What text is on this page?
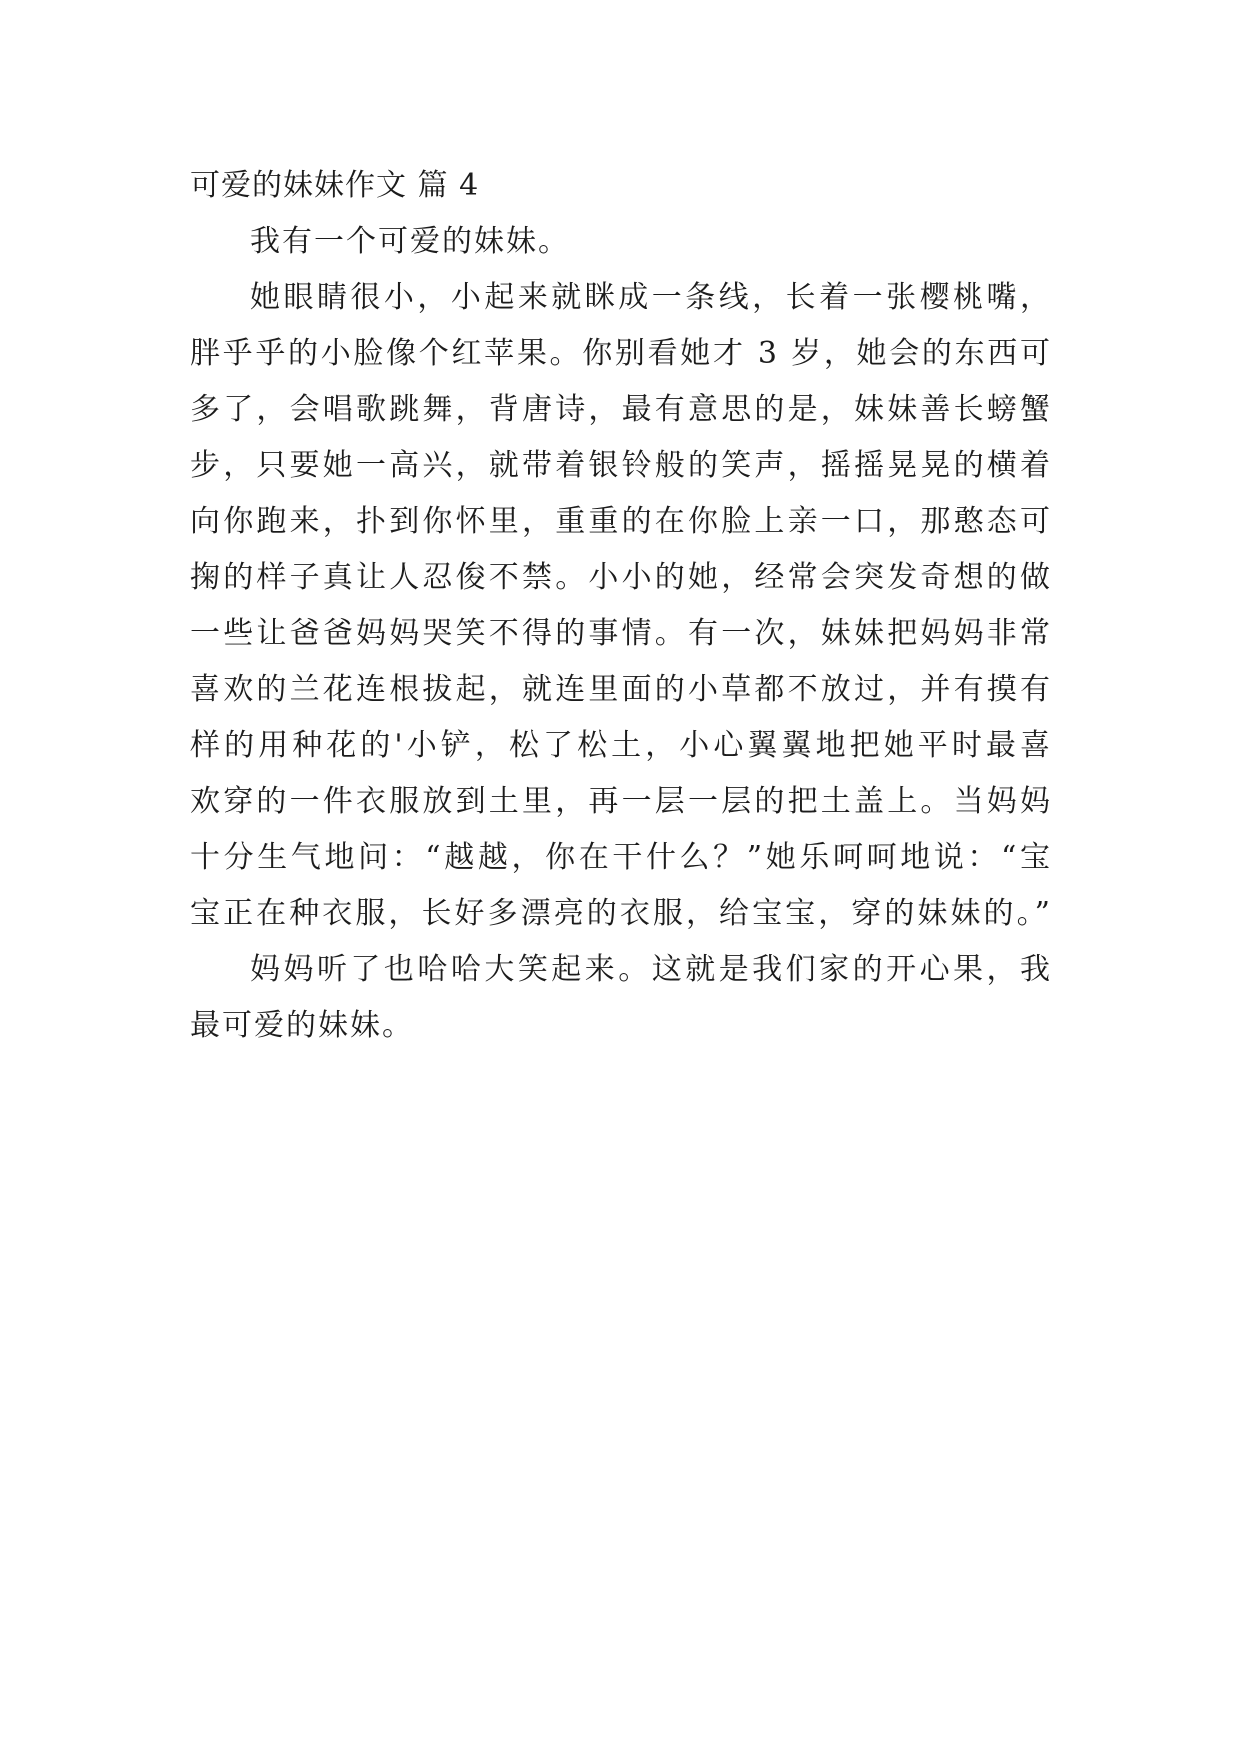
可爱的妹妹作文 篇 4
我有一个可爱的妹妹。
她眼睛很小，小起来就眯成一条线，长着一张樱桃嘴，
胖乎乎的小脸像个红苹果。你别看她才 3 岁，她会的东西可
多了，会唱歌跳舞，背唐诗，最有意思的是，妹妹善长螃蟹
步，只要她一高兴，就带着银铃般的笑声，摇摇晃晃的横着
向你跑来，扑到你怀里，重重的在你脸上亲一口，那憨态可
掬的样子真让人忍俊不禁。小小的她，经常会突发奇想的做
一些让爸爸妈妈哭笑不得的事情。有一次，妹妹把妈妈非常
喜欢的兰花连根拔起，就连里面的小草都不放过，并有摸有
样的用种花的'小铲，松了松土，小心翼翼地把她平时最喜
欢穿的一件衣服放到土里，再一层一层的把土盖上。当妈妈
十分生气地问：“越越，你在干什么？”她乐呵呵地说：“宝
宝正在种衣服，长好多漂亮的衣服，给宝宝，穿的妹妹的。”
妈妈听了也哈哈大笑起来。这就是我们家的开心果，我
最可爱的妹妹。
